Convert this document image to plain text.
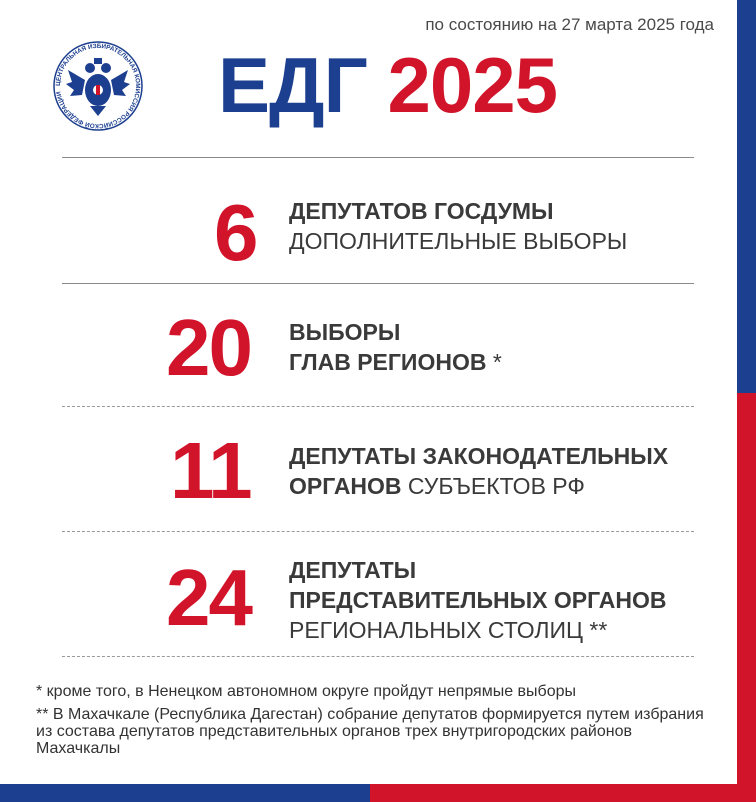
по состоянию на 27 марта 2025 года
ЦЕНТРАЛЬНАЯ ИЗБИРАТЕЛЬНАЯ КОМИССИЯ РОССИЙСКОЙ ФЕДЕРАЦИИ	ЕДГ 2025
6 ДЕПУТАТОВ ГОСДУМЫ
ДОПОЛНИТЕЛЬНЫЕ ВЫБОРЫ
20 ВЫБОРЫ
ГЛАВ РЕГИОНОВ *
11 ДЕПУТАТЫ ЗАКОНОДАТЕЛЬНЫХ
ОРГАНОВ СУБЪЕКТОВ РФ
24 ДЕПУТАТЫ
ПРЕДСТАВИТЕЛЬНЫХ ОРГАНОВ
РЕГИОНАЛЬНЫХ СТОЛИЦ **

* кроме того, в Ненецком автономном округе пройдут непрямые выборы

** В Махачкале (Республика Дагестан) собрание депутатов формируется путем избрания из состава депутатов представительных органов трех внутригородских районов Махачкалы
